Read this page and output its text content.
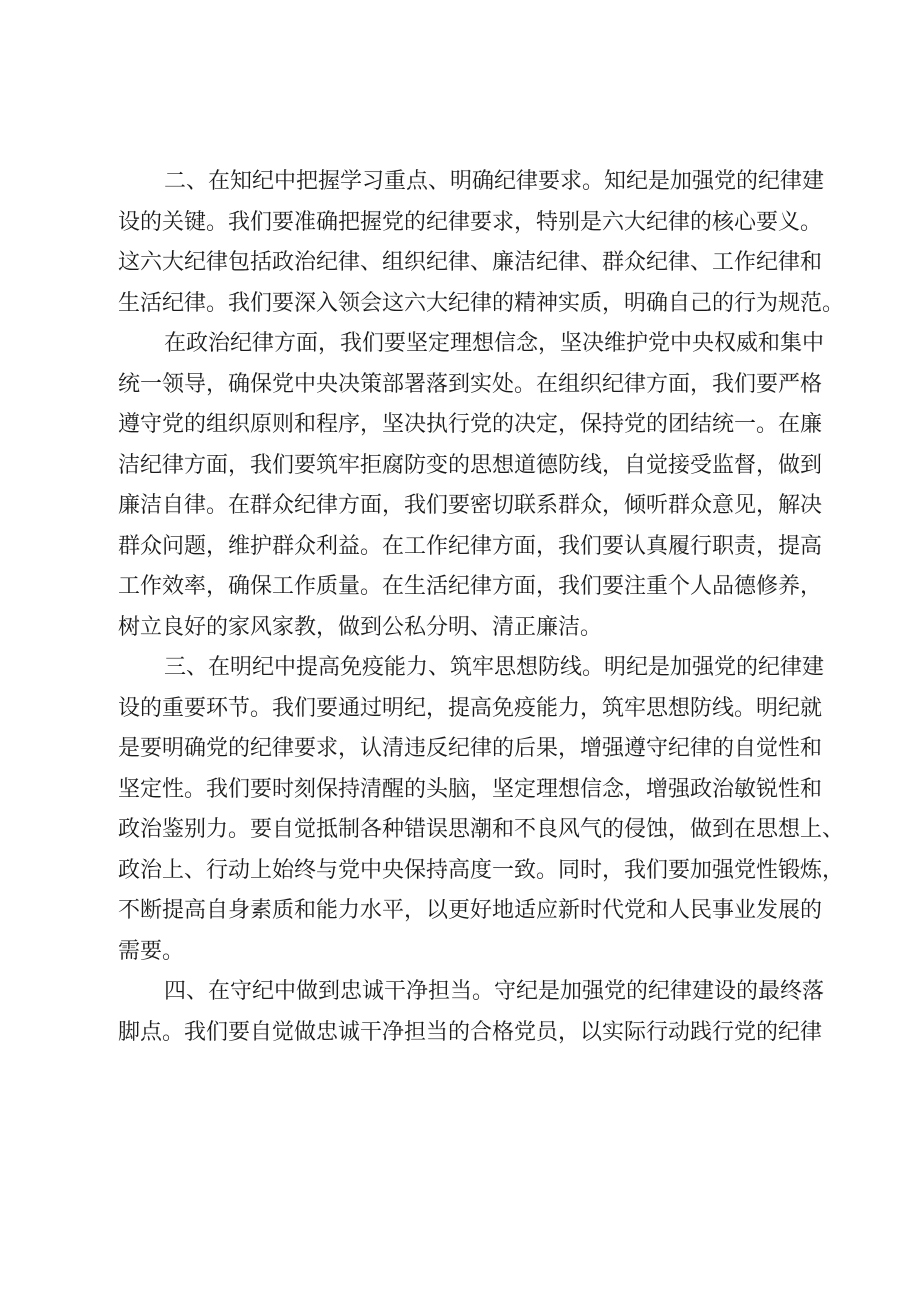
二、在知纪中把握学习重点、明确纪律要求。知纪是加强党的纪律建
设的关键。我们要准确把握党的纪律要求，特别是六大纪律的核心要义。
这六大纪律包括政治纪律、组织纪律、廉洁纪律、群众纪律、工作纪律和
生活纪律。我们要深入领会这六大纪律的精神实质，明确自己的行为规范。
在政治纪律方面，我们要坚定理想信念，坚决维护党中央权威和集中
统一领导，确保党中央决策部署落到实处。在组织纪律方面，我们要严格
遵守党的组织原则和程序，坚决执行党的决定，保持党的团结统一。在廉
洁纪律方面，我们要筑牢拒腐防变的思想道德防线，自觉接受监督，做到
廉洁自律。在群众纪律方面，我们要密切联系群众，倾听群众意见，解决
群众问题，维护群众利益。在工作纪律方面，我们要认真履行职责，提高
工作效率，确保工作质量。在生活纪律方面，我们要注重个人品德修养，
树立良好的家风家教，做到公私分明、清正廉洁。
三、在明纪中提高免疫能力、筑牢思想防线。明纪是加强党的纪律建
设的重要环节。我们要通过明纪，提高免疫能力，筑牢思想防线。明纪就
是要明确党的纪律要求，认清违反纪律的后果，增强遵守纪律的自觉性和
坚定性。我们要时刻保持清醒的头脑，坚定理想信念，增强政治敏锐性和
政治鉴别力。要自觉抵制各种错误思潮和不良风气的侵蚀，做到在思想上、
政治上、行动上始终与党中央保持高度一致。同时，我们要加强党性锻炼，
不断提高自身素质和能力水平，以更好地适应新时代党和人民事业发展的
需要。
四、在守纪中做到忠诚干净担当。守纪是加强党的纪律建设的最终落
脚点。我们要自觉做忠诚干净担当的合格党员，以实际行动践行党的纪律
